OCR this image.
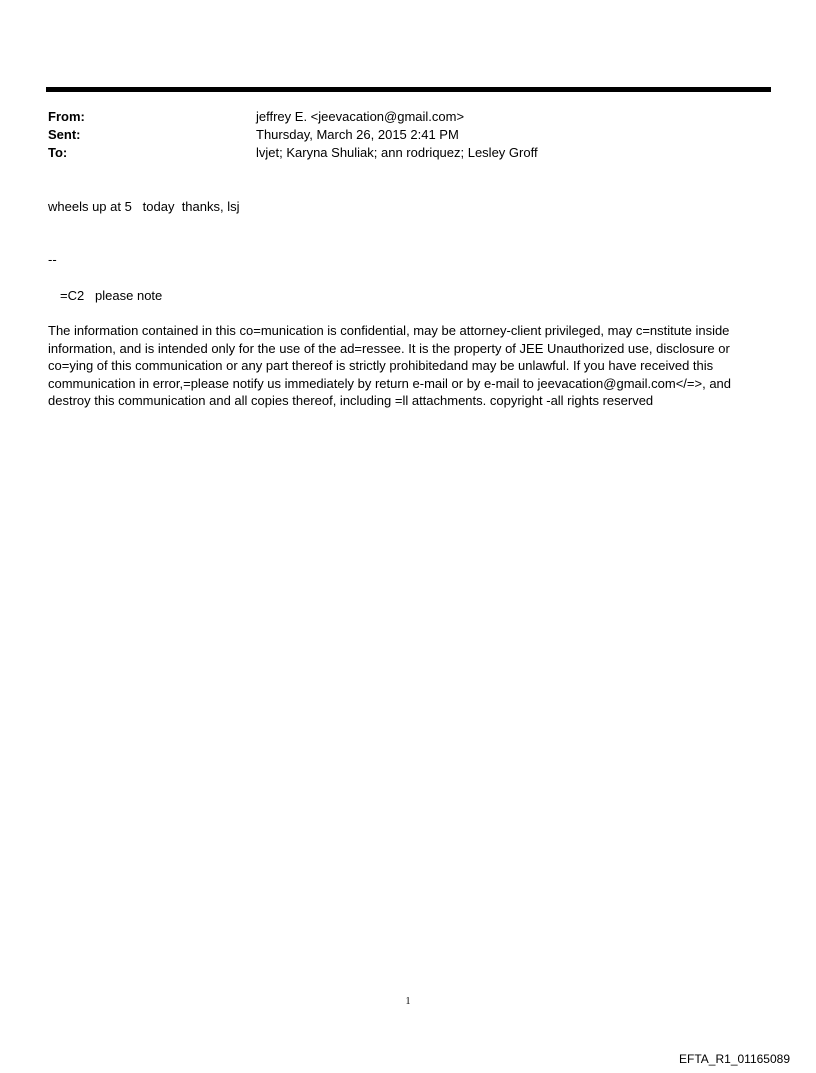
From:	jeffrey E. <jeevacation@gmail.com>
Sent:	Thursday, March 26, 2015 2:41 PM
To:	lvjet; Karyna Shuliak; ann rodriquez; Lesley Groff
wheels up at 5   today  thanks, lsj
--
=C2   please note
The information contained in this co=munication is confidential, may be attorney-client privileged, may c=nstitute inside information, and is intended only for the use of the ad=ressee. It is the property of JEE Unauthorized use, disclosure or co=ying of this communication or any part thereof is strictly prohibitedand may be unlawful. If you have received this communication in error,=please notify us immediately by return e-mail or by e-mail to jeevacation@gmail.com</=>, and destroy this communication and all copies thereof, including =ll attachments. copyright -all rights reserved
1
EFTA_R1_01165089
